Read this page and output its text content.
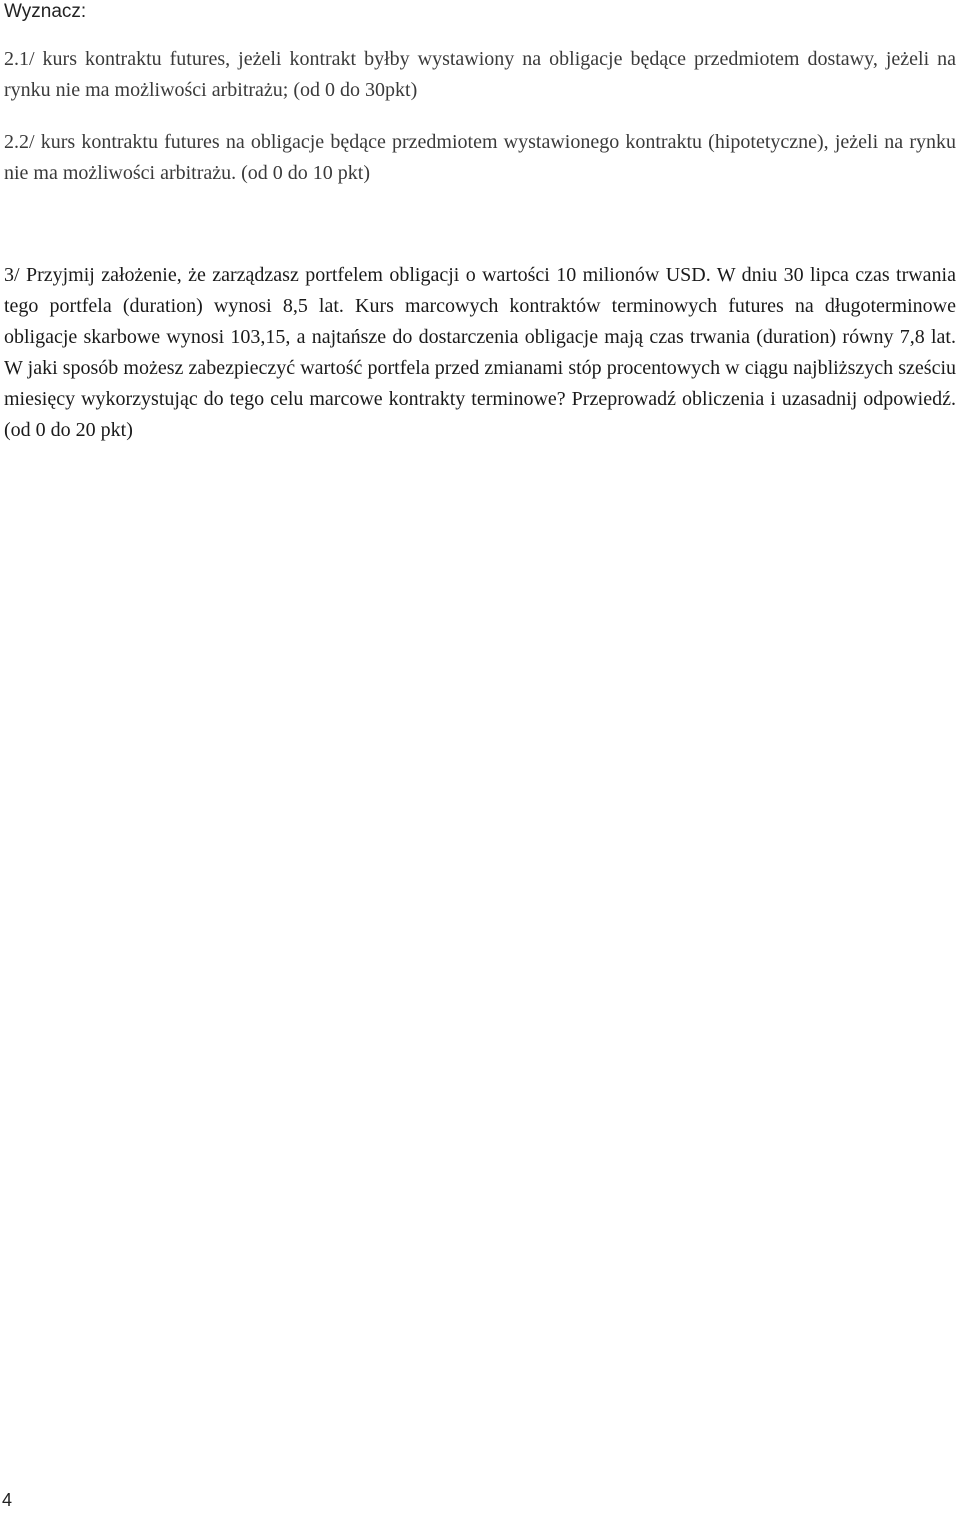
Wyznacz:
2.1/ kurs kontraktu futures, jeżeli kontrakt byłby wystawiony na obligacje będące przedmiotem dostawy, jeżeli na rynku nie ma możliwości arbitrażu; (od 0 do 30pkt)
2.2/ kurs kontraktu futures na obligacje będące przedmiotem wystawionego kontraktu (hipotetyczne), jeżeli na rynku nie ma możliwości arbitrażu. (od 0 do 10 pkt)
3/ Przyjmij założenie, że zarządzasz portfelem obligacji o wartości 10 milionów USD. W dniu 30 lipca czas trwania tego portfela (duration) wynosi 8,5 lat. Kurs marcowych kontraktów terminowych futures na długoterminowe obligacje skarbowe wynosi 103,15, a najtańsze do dostarczenia obligacje mają czas trwania (duration) równy 7,8 lat. W jaki sposób możesz zabezpieczyć wartość portfela przed zmianami stóp procentowych w ciągu najbliższych sześciu miesięcy wykorzystując do tego celu marcowe kontrakty terminowe? Przeprowadź obliczenia i uzasadnij odpowiedź. (od 0 do 20 pkt)
4
